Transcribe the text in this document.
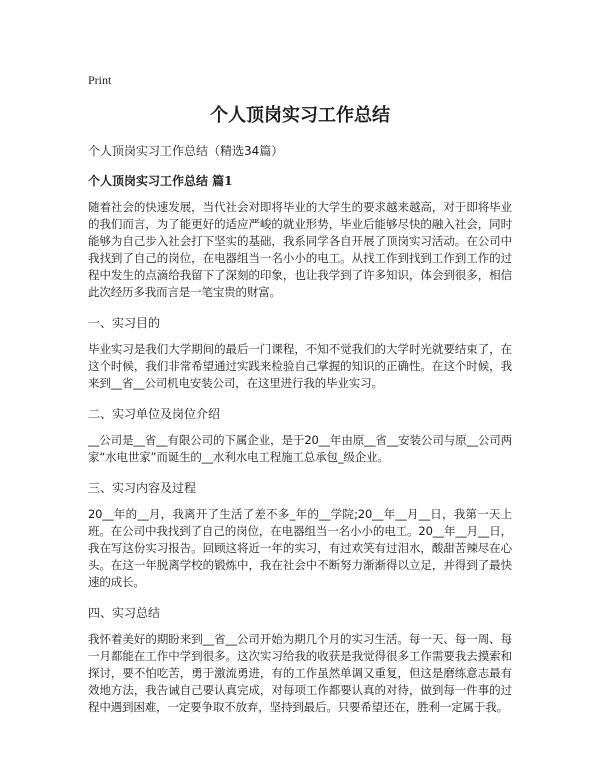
Print

个人顶岗实习工作总结

个人顶岗实习工作总结（精选34篇）

个人顶岗实习工作总结 篇1

随着社会的快速发展，当代社会对即将毕业的大学生的要求越来越高，对于即将毕业的我们而言，为了能更好的适应严峻的就业形势，毕业后能够尽快的融入社会，同时能够为自己步入社会打下坚实的基础，我系同学各自开展了顶岗实习活动。在公司中我找到了自己的岗位，在电器组当一名小小的电工。从找工作到找到工作到工作的过程中发生的点滴给我留下了深刻的印象，也让我学到了许多知识，体会到很多，相信此次经历多我而言是一笔宝贵的财富。

一、实习目的

毕业实习是我们大学期间的最后一门课程，不知不觉我们的大学时光就要结束了，在这个时候，我们非常希望通过实践来检验自己掌握的知识的正确性。在这个时候，我来到__省__公司机电安装公司，在这里进行我的毕业实习。

二、实习单位及岗位介绍

__公司是__省__有限公司的下属企业，是于20__年由原__省__安装公司与原__公司两家“水电世家”而诞生的__水利水电工程施工总承包_级企业。

三、实习内容及过程

20__年的__月，我离开了生活了差不多_年的__学院;20__年__月__日，我第一天上班。在公司中我找到了自己的岗位，在电器组当一名小小的电工。20__年__月__日，我在写这份实习报告。回顾这将近一年的实习，有过欢笑有过泪水，酸甜苦辣尽在心头。在这一年脱离学校的锻炼中，我在社会中不断努力渐渐得以立足，并得到了最快速的成长。

四、实习总结

我怀着美好的期盼来到__省__公司开始为期几个月的实习生活。每一天、每一周、每一月都能在工作中学到很多。这次实习给我的收获是我觉得很多工作需要我去摸索和探讨，要不怕吃苦，勇于激流勇进，有的工作虽然单调又重复，但这是磨练意志最有效地方法，我告诫自己要认真完成，对每项工作都要认真的对待，做到每一件事的过程中遇到困难，一定要争取不放弃，坚持到最后。只要希望还在，胜利一定属于我。
